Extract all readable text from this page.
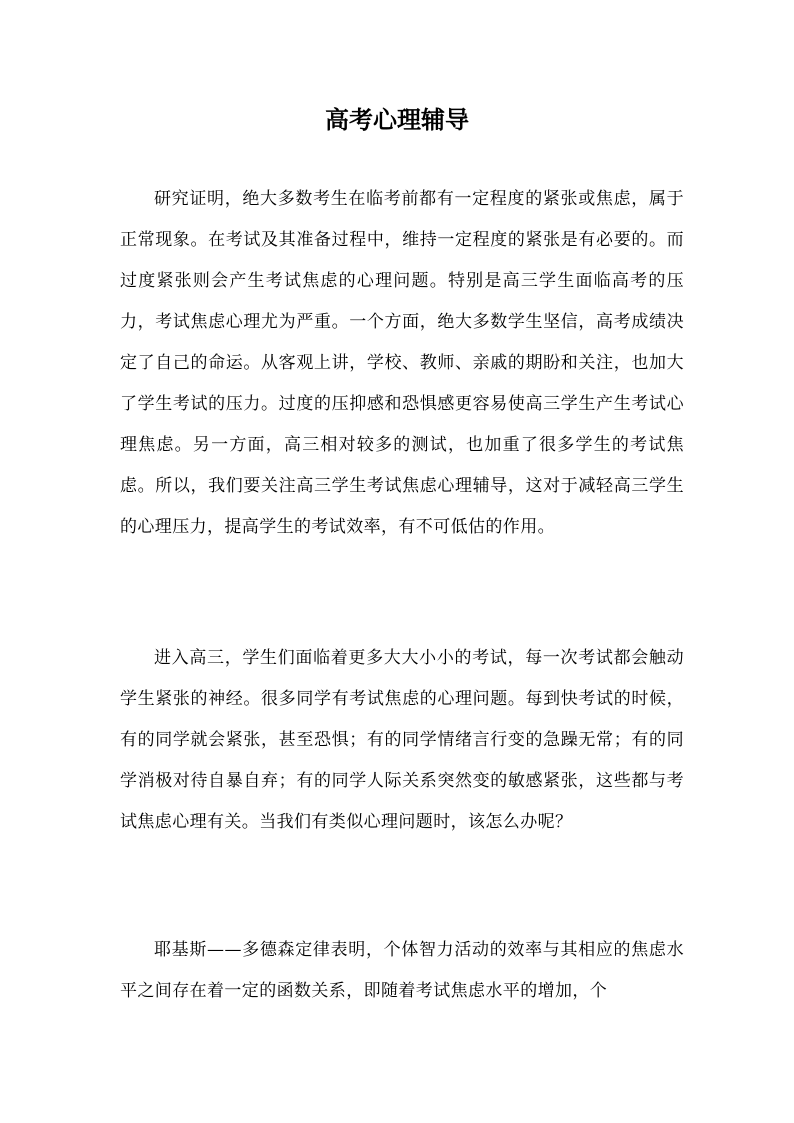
高考心理辅导

研究证明，绝大多数考生在临考前都有一定程度的紧张或焦虑，属于正常现象。在考试及其准备过程中，维持一定程度的紧张是有必要的。而过度紧张则会产生考试焦虑的心理问题。特别是高三学生面临高考的压力，考试焦虑心理尤为严重。一个方面，绝大多数学生坚信，高考成绩决定了自己的命运。从客观上讲，学校、教师、亲戚的期盼和关注，也加大了学生考试的压力。过度的压抑感和恐惧感更容易使高三学生产生考试心理焦虑。另一方面，高三相对较多的测试，也加重了很多学生的考试焦虑。所以，我们要关注高三学生考试焦虑心理辅导，这对于减轻高三学生的心理压力，提高学生的考试效率，有不可低估的作用。

进入高三，学生们面临着更多大大小小的考试，每一次考试都会触动学生紧张的神经。很多同学有考试焦虑的心理问题。每到快考试的时候，有的同学就会紧张，甚至恐惧；有的同学情绪言行变的急躁无常；有的同学消极对待自暴自弃；有的同学人际关系突然变的敏感紧张，这些都与考试焦虑心理有关。当我们有类似心理问题时，该怎么办呢？

耶基斯——多德森定律表明，个体智力活动的效率与其相应的焦虑水平之间存在着一定的函数关系，即随着考试焦虑水平的增加，个
